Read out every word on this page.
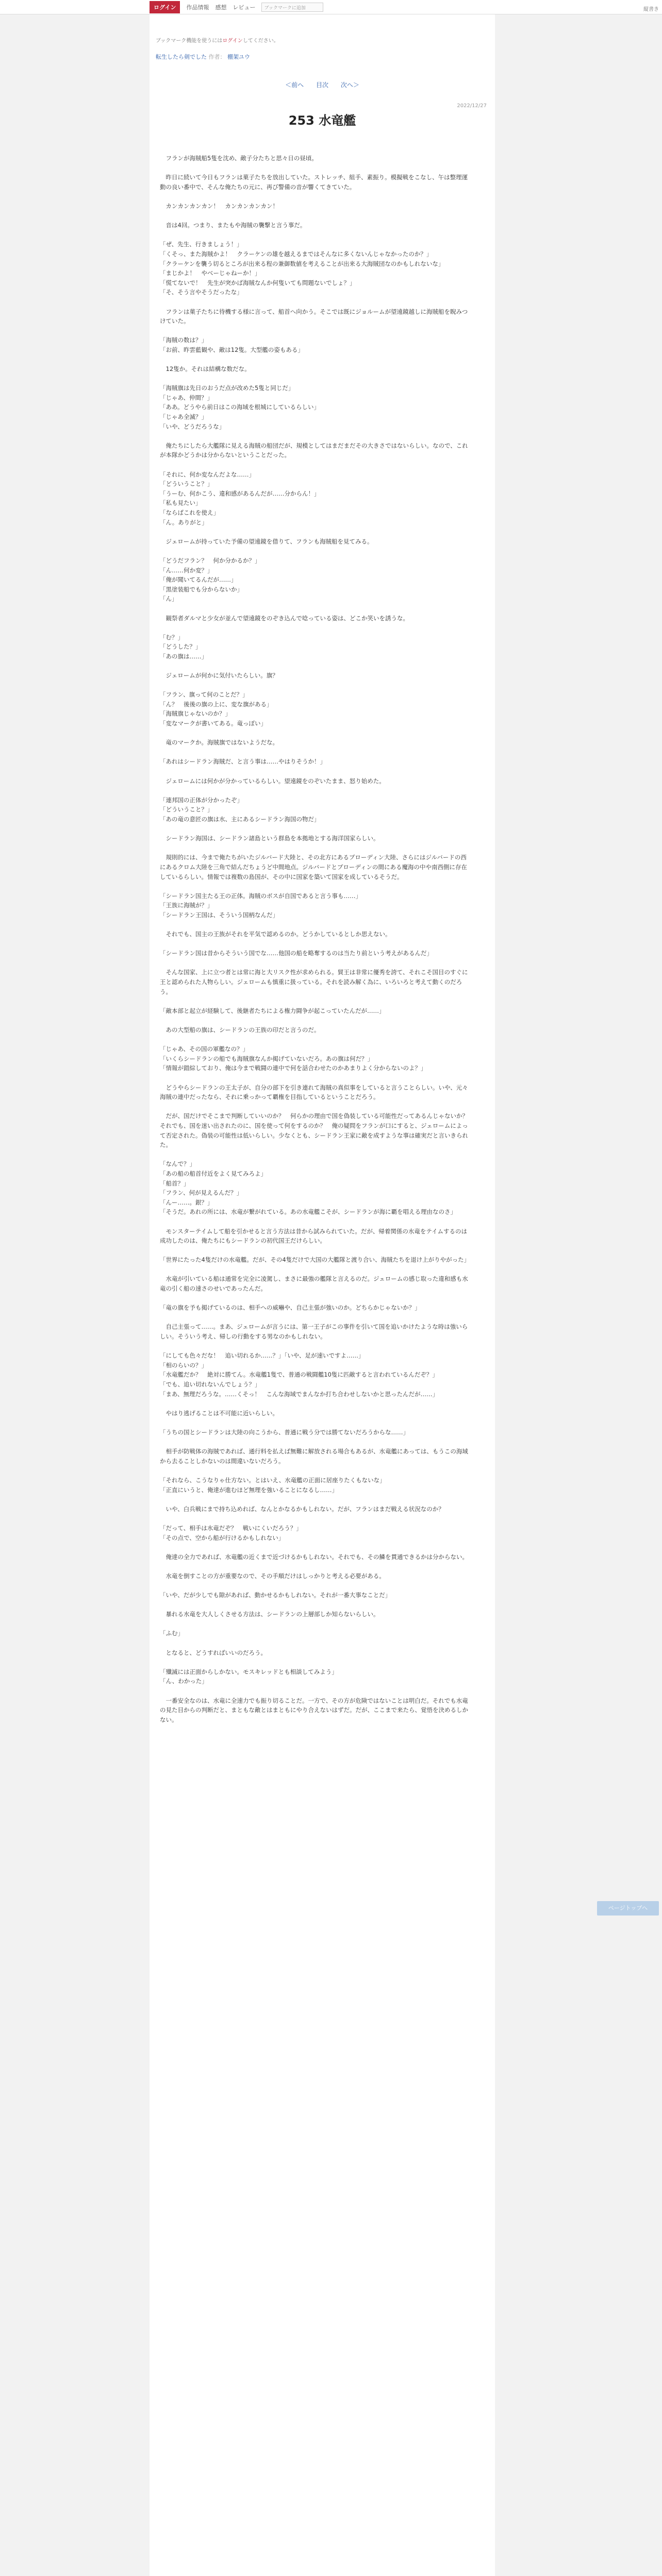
ログイン	作品情報 感想 レビュー	ブックマークに追加	縦書き
ブックマーク機能を使うにはログインしてください。
転生したら剣でした 作者： 棚架ユウ
＜前へ 目次 次へ＞
2022/12/27
253 水竜艦

　フランが海賊船5隻を沈め、敵子分たちと思々日の昼頃。

　昨日に続いて今日もフランは菓子たちを放出していた。ストレッチ、組手、素振り。模擬戦をこなし、午は整理運動の良い番中で、そんな俺たちの元に、再び警備の音が響くてきていた。

　カンカンカンカン！　カンカンカンカン！

　音は4回。つまり、またもや海賊の襲撃と言う事だ。

「ぜ、先生、行きましょう！」

「くそっ、また海賊かよ！　クラーケンの雄を越えるまではそんなに多くないんじゃなかったのか？」

「クラーケンを襲う切るところが出来る程の兼御数値を考えることが出来る大海賊団なのかもしれないな」

「まじかよ！　やべーじゃねーか！」

「慌てないで！　先生が突かば海賊なんか何隻いても問題ないでしょ？」

「そ、そう言やそうだったな」

　フランは菓子たちに待機する様に言って、船首へ向かう。そこでは既にジョルームが望遠鏡越しに海賊船を睨みつけていた。

「海賊の数は？」

「お前、昨雲藍観や、敵は12隻。大型艦の姿もある」

　12隻か。それは結構な数だな。

「海賊旗は先日のおうだ点が改めた5隻と同じだ」

「じゃあ、仲間？」

「ああ。どうやら前日はこの海域を根城にしているらしい」

「じゃあ全滅？」

「いや、どうだろうな」

　俺たちにしたら大艦隊に見える海賊の船団だが、規模としてはまだまだその大きさではないらしい。なので、これが本隊かどうかは分からないということだった。

「それに、何か変なんだよな……」

「どういうこと？」

「うーむ、何かこう、違和感があるんだが……分からん！」

「私も見たい」

「ならばこれを使え」

「ん。ありがと」

　ジェロームが持っていた予備の望遠鏡を借りて、フランも海賊船を見てみる。

「どうだフラン？　何か分かるか？」

「ん……何か変？」

「俺が聞いてるんだが……」

「黒塗装船でも分からないか」

「ん」

　観祭者ダルマと少女が並んで望遠鏡をのぞき込んで唸っている姿は、どこか笑いを誘うな。

「む？」

「どうした？」

「あの旗は……」

　ジェロームが何かに気付いたらしい。旗？

「フラン、旗って何のことだ？」

「ん？　後後の旗の上に、変な旗がある」

「海賊旗じゃないのか？」

「変なマークが書いてある。竜っぽい」

　竜のマークか。海賊旗ではないようだな。

「あれはシードラン海賊だ、と言う事は……やはりそうか！」

　ジェロームには何かが分かっているらしい。望遠鏡をのぞいたまま、怒り始めた。

「連邦国の正体が分かったぞ」

「どういうこと？」

「あの竜の意匠の旗は水、主にあるシードラン海国の物だ」

　シードラン海国は、シードラン諸島という群島を本拠地とする海洋国家らしい。

　規則的には、今まで俺たちがいたジルバード大陸と、その北方にあるブローディン大陸、さらにはジルバードの西にあるクロム大陸を三角で結んだちょうど中間地点。ジルバードとブローディンの間にある魔海の中や南西側に存在しているらしい。情報では複数の島国が、その中に国家を築いて国家を成しているそうだ。

「シードラン国主たる王の正体。海賊のボスが自国であると言う事も……」

「王族に海賊が？」

「シードラン王国は、そういう国柄なんだ」

　それでも、国主の王族がそれを平気で認めるのか。どうかしているとしか思えない。

「シードラン国は昔からそういう国でな……他国の船を略奪するのは当たり前という考えがあるんだ」

　そんな国家、上に立つ者とは常に海と大リスク性が求められる。貿王は非常に優秀を誇て、それこそ国目のすぐに王と認められた人物らしい。ジェロームも慎重に扱っている。それを読み解く為に、いろいろと考えて動くのだろう。

「敵本部と起立が経験して、後継者たちによる権力闘争が起こっていたんだが……」

　あの大型船の旗は、シードランの王族の印だと言うのだ。

「じゃあ、その国の軍艦なの？」

「いくらシードランの船でも海賊旗なんか掲げていないだろ。あの旗は何だ？」

「情報が錯綜しており、俺は今まで戦闘の連中で何を話合わせたのかあまりよく分からないのよ？」

　どうやらシードランの王太子が、自分の部下を引き連れて海賊の真似事をしていると言うことらしい。いや、元々海賊の連中だったなら、それに乗っかって覇権を目指しているということだろう。

　だが、国だけでそこまで判断していいのか？　何らかの理由で国を偽装している可能性だってあるんじゃないか？　それでも、国を迷い出されたのに、国を使って何をするのか？　俺の疑問をフランが口にすると、ジェロームによって否定された。偽装の可能性は低いらしい。少なくとも、シードラン王家に敵を成すような事は確実だと言いきられた。

「なんで？」

「あの船の船首付近をよく見てみろよ」

「船首？」

「フラン、何が見えるんだ？」

「んー……。銀？」

「そうだ。あれの所には、水竜が繋がれている。あの水竜艦こそが、シードランが海に覇を唱える理由なのさ」

　モンスターテイムして船を引かせると言う方法は昔から試みられていた。だが、帰着関係の水竜をテイムするのは成功したのは、俺たちにもシードランの初代国王だけらしい。

「世界にたった4隻だけの水竜艦。だが、その4隻だけで大国の大艦隊と渡り合い、海賊たちを退け上がりやがった」

　水竜が引いている船は通常を完全に凌駕し、まさに最強の艦隊と言えるのだ。ジェロームの感じ取った違和感も水竜の引く船の速さのせいであったんだ。

「竜の旗を予も掲げているのは、相手への威嚇や、自己主張が強いのか。どちらかじゃないか？」

　自己主張って……。まあ、ジェロームが言うには、第一王子がこの事件を引いて国を追いかけたような時は強いらしい。そういう考え、帰しの行動をする男なのかもしれない。

「にしても色々だな！　追い切れるか……？」「いや、足が速いですよ……」

「相のらいの？」

「水竜艦だか？　絶対に勝てん。水竜艦1隻で、普通の戦闘艦10隻に匹敵すると言われているんだぞ？」

「でも、追い切れないんでしょう？」

「まあ、無理だろうな。……くそっ！　こんな海域でまんなか打ち合わせしないかと思ったんだが……」

　やはり逃げることは不可能に近いらしい。

「うちの国とシードランは大陸の向こうから、普通に戦う分では勝てないだろうからな……」

　相手が防戦体の海賊であれば、通行料を払えば無難に解放される場合もあるが、水竜艦にあっては、もうこの海域から去ることしかないのは間違いないだろう。

「それなら、こうなりゃ仕方ない。とはいえ、水竜艦の正面に居座りたくもないな」

「正直にいうと、俺達が進むほど無理を強いることになるし……」

　いや、白兵戦にまで持ち込めれば、なんとかなるかもしれない。だが、フランはまだ戦える状況なのか？

「だって、相手は水竜だぞ？　戦いにくいだろう？」

「その点で、空から船が行けるかもしれない」

　俺達の全力であれば、水竜艦の近くまで近づけるかもしれない。それでも、その鱗を貫通できるかは分からない。

　水竜を倒すことの方が重要なので、その手順だけはしっかりと考える必要がある。

「いや、だが少しでも隙があれば、動かせるかもしれない。それが一番大事なことだ」

　暴れる水竜を大人しくさせる方法は、シードランの上層部しか知らないらしい。

「ふむ」

　となると、どうすればいいのだろう。

「殲滅には正面からしかない。モスキレッドとも相談してみよう」

「ん、わかった」

　一番安全なのは、水竜に全速力でも振り切ることだ。一方で、その方が危険ではないことは明白だ。それでも水竜の見た目からの判断だと、まともな敵とはまともにやり合えないはずだ。だが、ここまで来たら、覚悟を決めるしかない。

ページトップへ
